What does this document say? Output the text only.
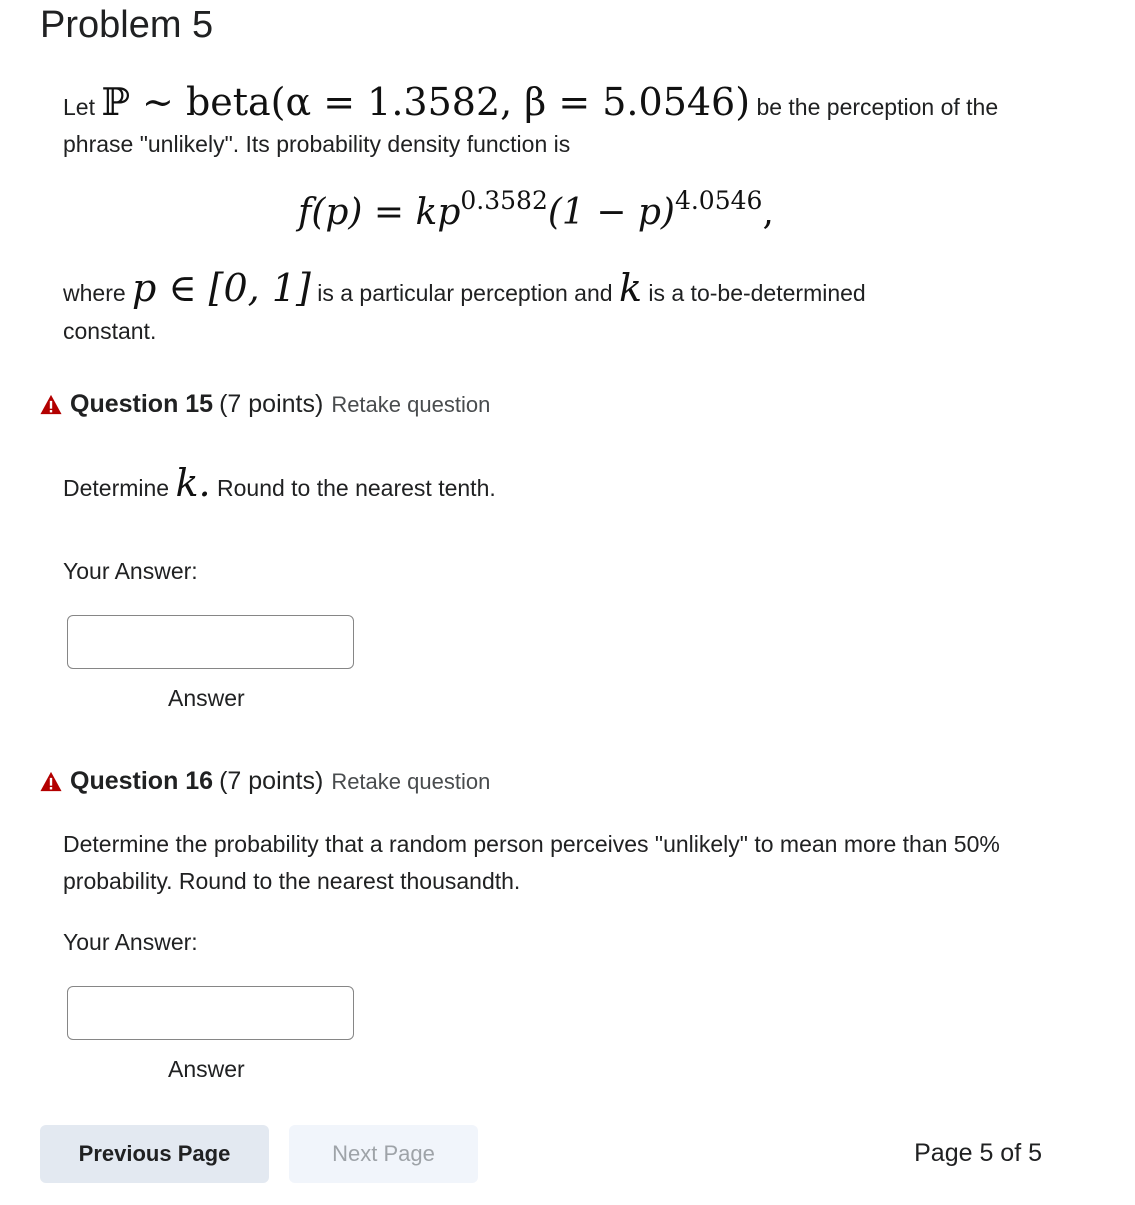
Problem 5
Let ℙ ∼ beta(α = 1.3582, β = 5.0546) be the perception of the
phrase "unlikely". Its probability density function is
$f(p) = kp^{0.3582}(1 - p)^{4.0546}$,
where p ∈ [0, 1] is a particular perception and k is a to-be-determined
constant.
Question 15 (7 points) Retake question
Determine k. Round to the nearest tenth.
Your Answer:
Answer
Question 16 (7 points) Retake question
Determine the probability that a random person perceives "unlikely" to mean more than 50% probability. Round to the nearest thousandth.
Your Answer:
Answer
Previous Page	Next Page	Page 5 of 5
